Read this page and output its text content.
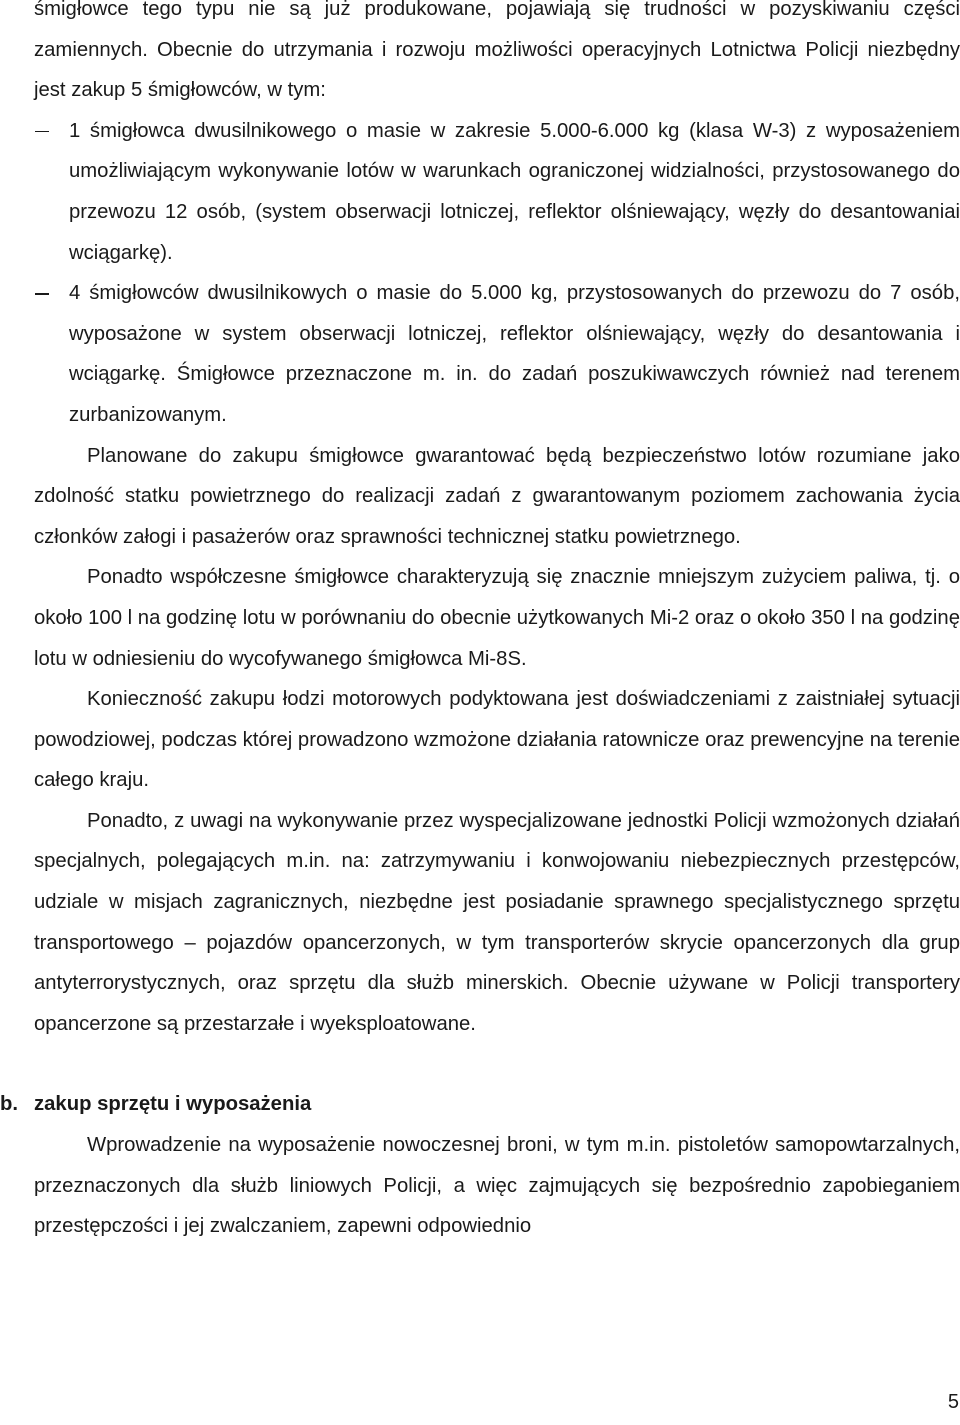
śmigłowce tego typu nie są już produkowane, pojawiają się trudności w pozyskiwaniu części zamiennych. Obecnie do utrzymania i rozwoju możliwości operacyjnych Lotnictwa Policji niezbędny jest zakup 5 śmigłowców, w tym:

1 śmigłowca dwusilnikowego o masie w zakresie 5.000-6.000 kg (klasa W-3) z wyposażeniem umożliwiającym wykonywanie lotów w warunkach ograniczonej widzialności, przystosowanego do przewozu 12 osób, (system obserwacji lotniczej, reflektor olśniewający, węzły do desantowaniai wciągarkę).
4 śmigłowców dwusilnikowych o masie do 5.000 kg, przystosowanych do przewozu do 7 osób, wyposażone w system obserwacji lotniczej, reflektor olśniewający, węzły do desantowania i wciągarkę. Śmigłowce przeznaczone m. in. do zadań poszukiwawczych również nad terenem zurbanizowanym.

Planowane do zakupu śmigłowce gwarantować będą bezpieczeństwo lotów rozumiane jako zdolność statku powietrznego do realizacji zadań z gwarantowanym poziomem zachowania życia członków załogi i pasażerów oraz sprawności technicznej statku powietrznego.

Ponadto współczesne śmigłowce charakteryzują się znacznie mniejszym zużyciem paliwa, tj. o około 100 l na godzinę lotu w porównaniu do obecnie użytkowanych Mi-2 oraz o około 350 l na godzinę lotu w odniesieniu do wycofywanego śmigłowca Mi-8S.

Konieczność zakupu łodzi motorowych podyktowana jest doświadczeniami z zaistniałej sytuacji powodziowej, podczas której prowadzono wzmożone działania ratownicze oraz prewencyjne na terenie całego kraju.

Ponadto, z uwagi na wykonywanie przez wyspecjalizowane jednostki Policji wzmożonych działań specjalnych, polegających m.in. na: zatrzymywaniu i konwojowaniu niebezpiecznych przestępców, udziale w misjach zagranicznych, niezbędne jest posiadanie sprawnego specjalistycznego sprzętu transportowego – pojazdów opancerzonych, w tym transporterów skrycie opancerzonych dla grup antyterrorystycznych, oraz sprzętu dla służb minerskich. Obecnie używane w Policji transportery opancerzone są przestarzałe i wyeksploatowane.

b. zakup sprzętu i wyposażenia

Wprowadzenie na wyposażenie nowoczesnej broni, w tym m.in. pistoletów samopowtarzalnych, przeznaczonych dla służb liniowych Policji, a więc zajmujących się bezpośrednio zapobieganiem przestępczości i jej zwalczaniem, zapewni odpowiednio

5
